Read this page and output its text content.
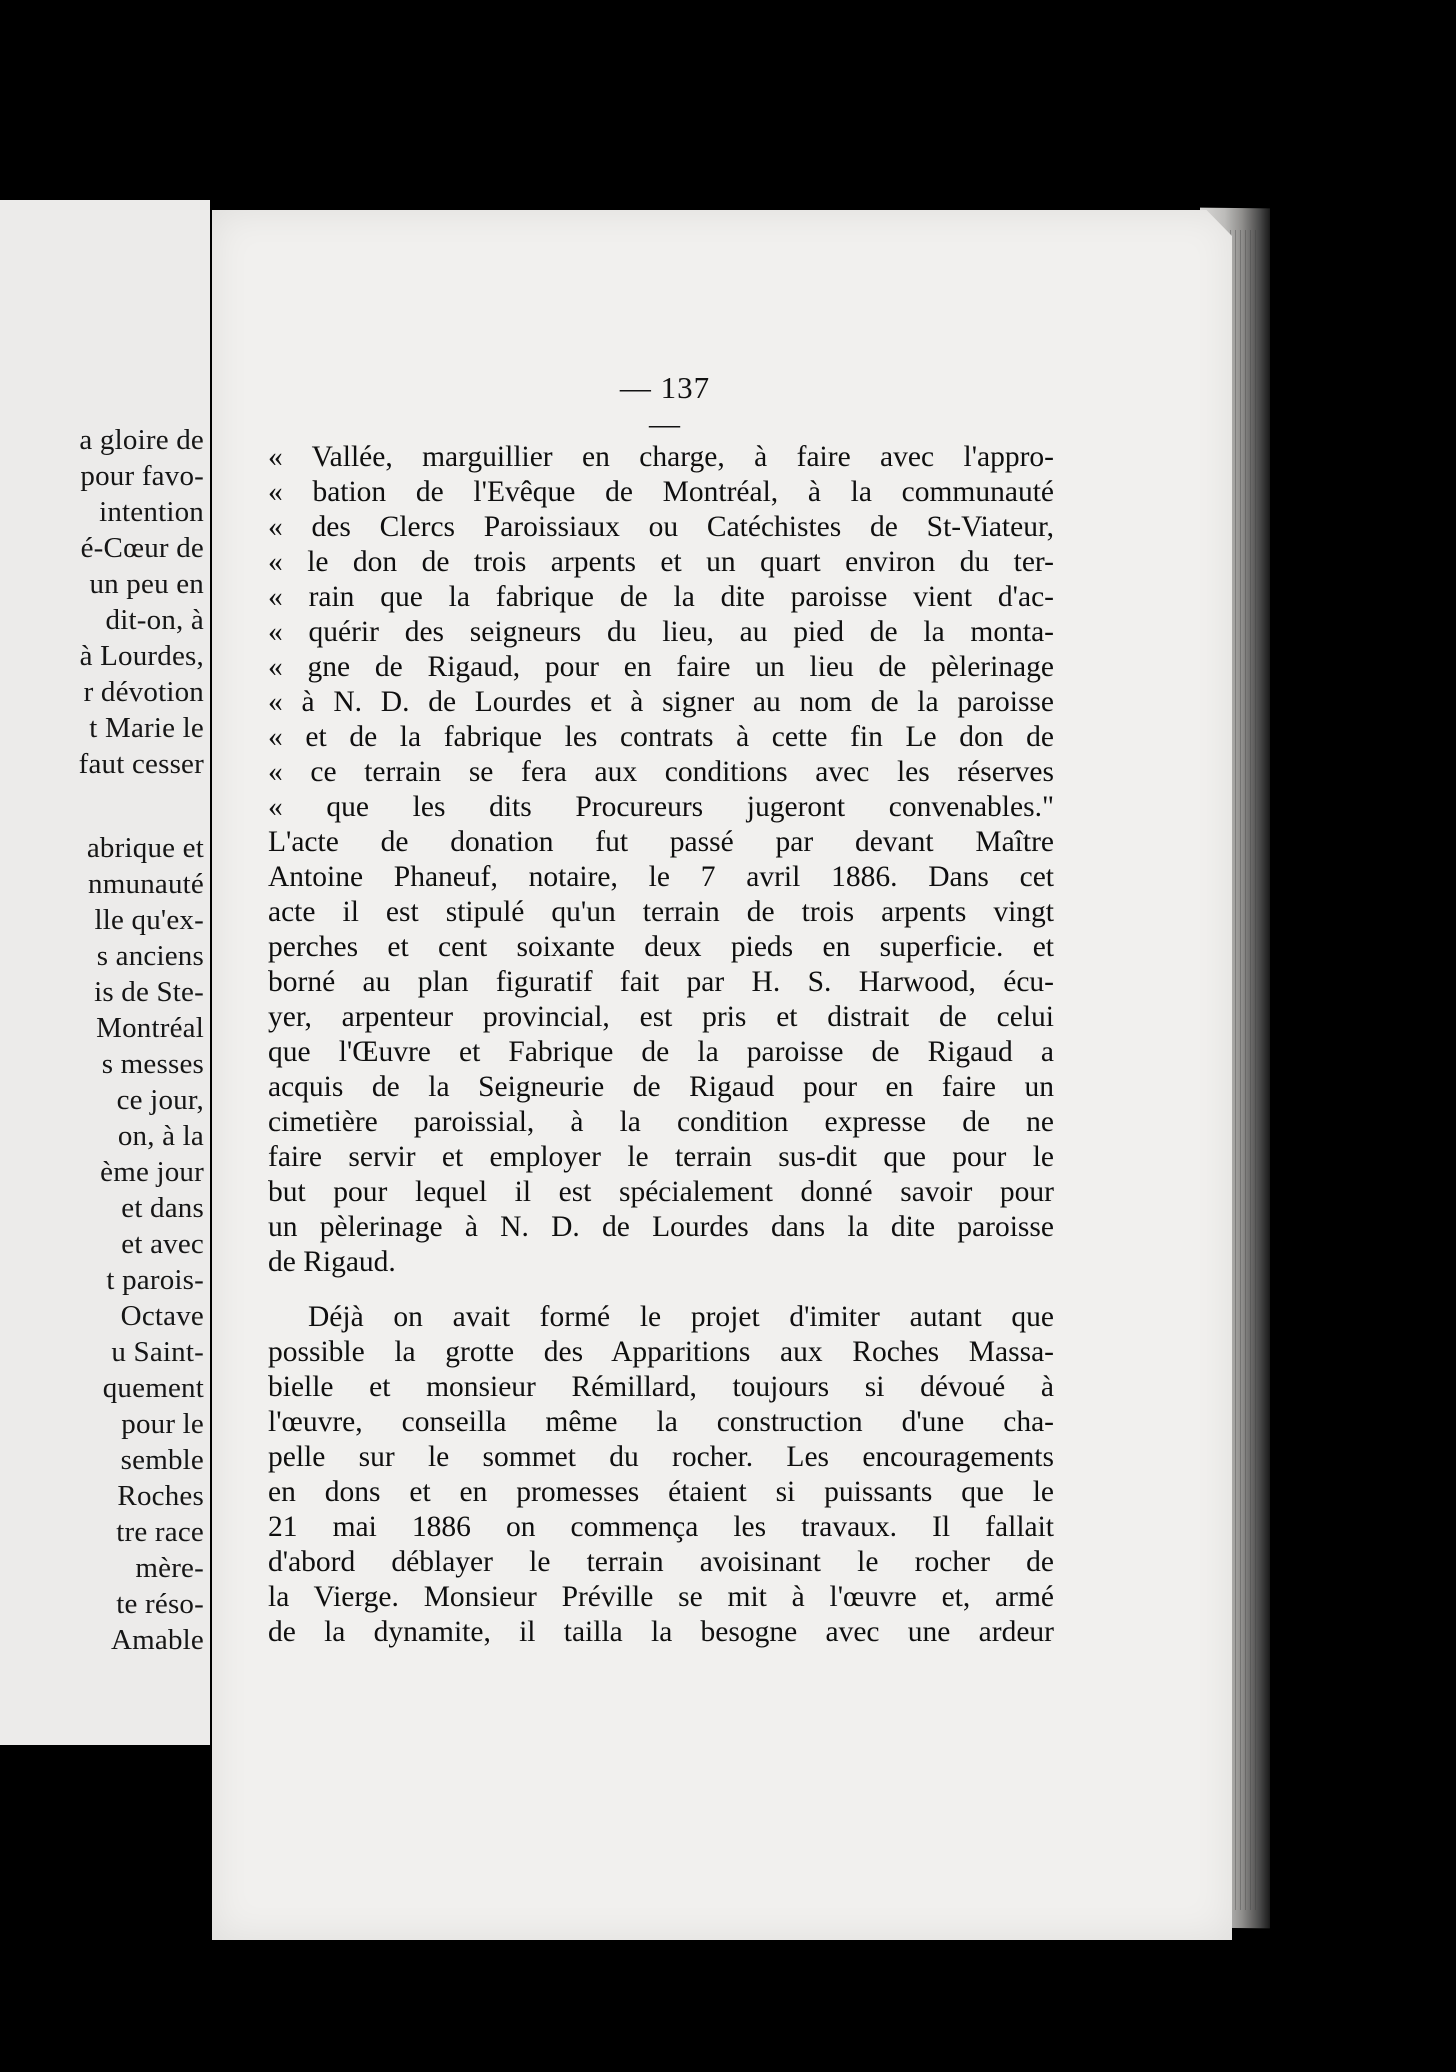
a gloire de
pour favo-
intention
é-Cœur de
un peu en
dit-on, à
à Lourdes,
r dévotion
t Marie le
faut cesser
abrique et
nmunauté
lle qu'ex-
s anciens
is de Ste-
Montréal
s messes
ce jour,
on, à la
ème jour
et dans
et avec
t parois-
Octave
u Saint-
quement
pour le
semble
Roches
tre race
mère-
te réso-
Amable
— 137 —
« Vallée, marguillier en charge, à faire avec l'appro-
« bation de l'Evêque de Montréal, à la communauté
« des Clercs Paroissiaux ou Catéchistes de St-Viateur,
« le don de trois arpents et un quart environ du ter-
« rain que la fabrique de la dite paroisse vient d'ac-
« quérir des seigneurs du lieu, au pied de la monta-
« gne de Rigaud, pour en faire un lieu de pèlerinage
« à N. D. de Lourdes et à signer au nom de la paroisse
« et de la fabrique les contrats à cette fin Le don de
« ce terrain se fera aux conditions avec les réserves
« que les dits Procureurs jugeront convenables."
L'acte de donation fut passé par devant Maître
Antoine Phaneuf, notaire, le 7 avril 1886. Dans cet
acte il est stipulé qu'un terrain de trois arpents vingt
perches et cent soixante deux pieds en superficie. et
borné au plan figuratif fait par H. S. Harwood, écu-
yer, arpenteur provincial, est pris et distrait de celui
que l'Œuvre et Fabrique de la paroisse de Rigaud a
acquis de la Seigneurie de Rigaud pour en faire un
cimetière paroissial, à la condition expresse de ne
faire servir et employer le terrain sus-dit que pour le
but pour lequel il est spécialement donné savoir pour
un pèlerinage à N. D. de Lourdes dans la dite paroisse
de Rigaud.
Déjà on avait formé le projet d'imiter autant que
possible la grotte des Apparitions aux Roches Massa-
bielle et monsieur Rémillard, toujours si dévoué à
l'œuvre, conseilla même la construction d'une cha-
pelle sur le sommet du rocher. Les encouragements
en dons et en promesses étaient si puissants que le
21 mai 1886 on commença les travaux. Il fallait
d'abord déblayer le terrain avoisinant le rocher de
la Vierge. Monsieur Préville se mit à l'œuvre et, armé
de la dynamite, il tailla la besogne avec une ardeur
